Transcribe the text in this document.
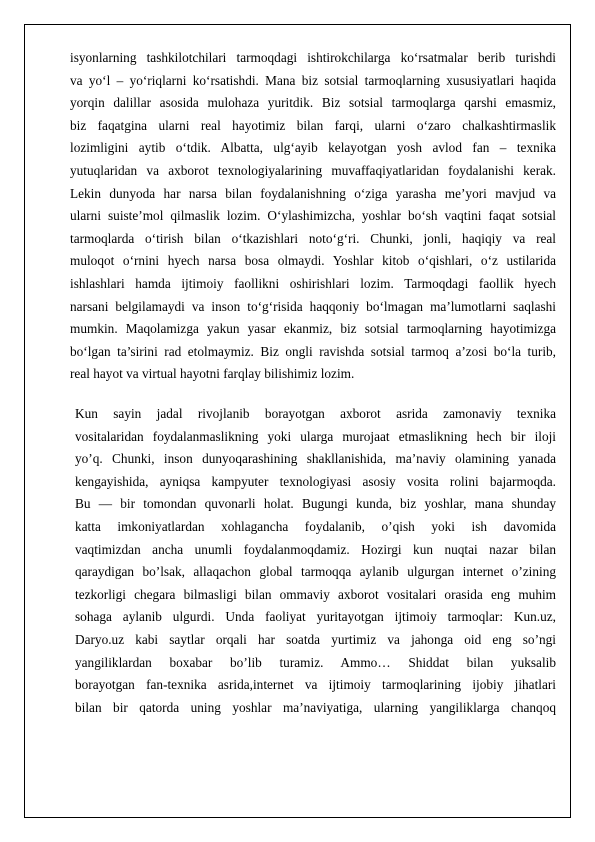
isyonlarning tashkilotchilari tarmoqdagi ishtirokchilarga ko‘rsatmalar berib turishdi
va yo‘l – yo‘riqlarni ko‘rsatishdi. Mana biz sotsial tarmoqlarning xususiyatlari haqida
yorqin dalillar asosida mulohaza yuritdik. Biz sotsial tarmoqlarga qarshi emasmiz,
biz faqatgina ularni real hayotimiz bilan farqi, ularni o‘zaro chalkashtirmaslik
lozimligini aytib o‘tdik. Albatta, ulg‘ayib kelayotgan yosh avlod fan – texnika
yutuqlaridan va axborot texnologiyalarining muvaffaqiyatlaridan foydalanishi kerak.
Lekin dunyoda har narsa bilan foydalanishning o‘ziga yarasha me’yori mavjud va
ularni suiste’mol qilmaslik lozim. O‘ylashimizcha, yoshlar bo‘sh vaqtini faqat sotsial
tarmoqlarda o‘tirish bilan o‘tkazishlari noto‘g‘ri. Chunki, jonli, haqiqiy va real
muloqot o‘rnini hyech narsa bosa olmaydi. Yoshlar kitob o‘qishlari, o‘z ustilarida
ishlashlari hamda ijtimoiy faollikni oshirishlari lozim. Tarmoqdagi faollik hyech
narsani belgilamaydi va inson to‘g‘risida haqqoniy bo‘lmagan ma’lumotlarni saqlashi
mumkin. Maqolamizga yakun yasar ekanmiz, biz sotsial tarmoqlarning hayotimizga
bo‘lgan ta’sirini rad etolmaymiz. Biz ongli ravishda sotsial tarmoq a’zosi bo‘la turib,
real hayot va virtual hayotni farqlay bilishimiz lozim.
Kun sayin jadal rivojlanib borayotgan axborot asrida zamonaviy texnika
vositalaridan foydalanmaslikning yoki ularga murojaat etmaslikning hech bir iloji
yo’q. Chunki, inson dunyoqarashining shakllanishida, ma’naviy olamining yanada
kengayishida, ayniqsa kampyuter texnologiyasi asosiy vosita rolini bajarmoqda.
Bu — bir tomondan quvonarli holat. Bugungi kunda, biz yoshlar, mana shunday
katta imkoniyatlardan xohlagancha foydalanib, o’qish yoki ish davomida
vaqtimizdan ancha unumli foydalanmoqdamiz. Hozirgi kun nuqtai nazar bilan
qaraydigan bo’lsak, allaqachon global tarmoqqa aylanib ulgurgan internet o’zining
tezkorligi chegara bilmasligi bilan ommaviy axborot vositalari orasida eng muhim
sohaga aylanib ulgurdi. Unda faoliyat yuritayotgan ijtimoiy tarmoqlar: Kun.uz,
Daryo.uz kabi saytlar orqali har soatda yurtimiz va jahonga oid eng so’ngi
yangiliklardan boxabar bo’lib turamiz. Ammo… Shiddat bilan yuksalib
borayotgan fan-texnika asrida,internet va ijtimoiy tarmoqlarining ijobiy jihatlari
bilan bir qatorda uning yoshlar ma’naviyatiga, ularning yangiliklarga chanqoq
